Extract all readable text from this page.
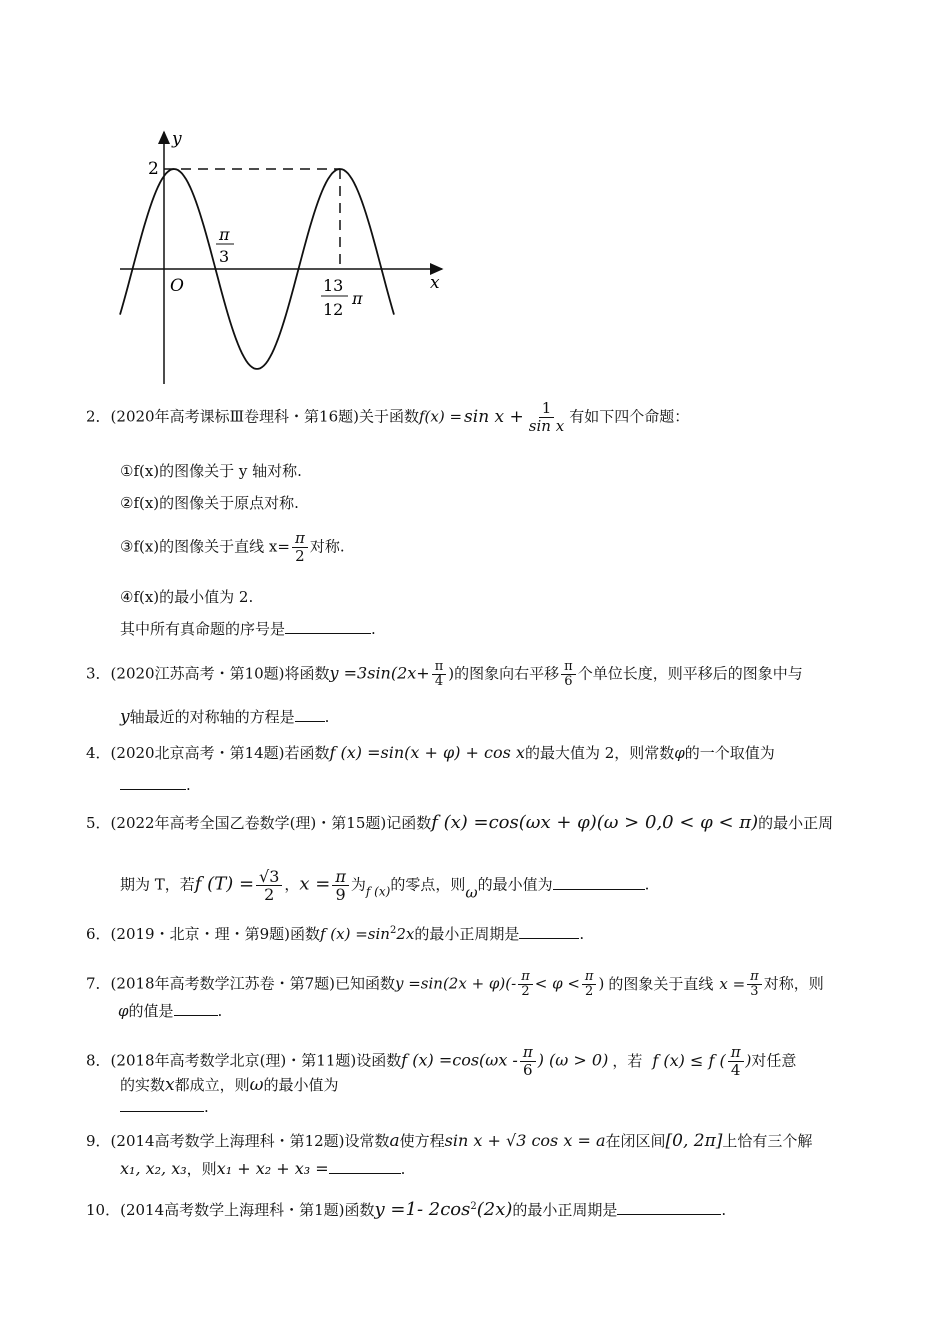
y
x
O
2
π
3
13
12
π
2．(2020年高考课标Ⅲ卷理科・第16题)关于函数$f(x) = \sin x + \frac{1}{\text{sin x}}$ 有如下四个命题：
①f(x)的图像关于 y 轴对称.
②f(x)的图像关于原点对称.
③f(x)的图像关于直线 $x= \frac{\pi}{2}$ 对称.
④f(x)的最小值为 2.
其中所有真命题的序号是	.
3．(2020江苏高考・第10题)将函数$y =3\sin(2x+ \frac{\pi}{4}$ )的图象向右平移 $\frac{\pi}{6}$ 个单位长度，则平移后的图象中与
y轴最近的对称轴的方程是 .
4．(2020北京高考・第14题)若函数f (x) =sin(x + φ) + cos x的最大值为 2，则常数φ的一个取值为
.
5．(2022年高考全国乙卷数学(理)・第15题)记函数f (x) =cos(ωx + φ)(ω > 0,0 < φ < π)的最小正周
期为 T，若f $(T) = \frac{√3}{2}$ ，$x = \frac{\pi}{9}$ 为$_{f (x)}$的零点，则ω的最小值为	.
6．(2019・北京・理・第9题)函数f $(x) =\sin^22x$的最小正周期是	.
7．(2018年高考数学江苏卷・第7题)已知函数$y =\sin(2x + \varphi)(- \frac{\pi}{2} < \varphi < \frac{\pi}{2}$ ) 的图象关于直线 $x = \frac{\pi}{3}$ 对称，则
φ的值是	.
8．(2018年高考数学北京(理)・第11题)设函数f $(x) =\cos(\omega x - \frac{\pi}{6}$ ) (ω > 0) ，若 f (x) ≤ f ( $\frac{\pi}{4}$ )对任意
的实数x都成立，则ω的最小值为
.
9．(2014高考数学上海理科・第12题)设常数a使方程sin x + √3 cos x = a在闭区间[0, 2π]上恰有三个解
x₁, x₂, x₃，则x₁ + x₂ + x₃ =	.
10．(2014高考数学上海理科・第1题)函数y =1- $2\cos^2(2x)$的最小正周期是	.
